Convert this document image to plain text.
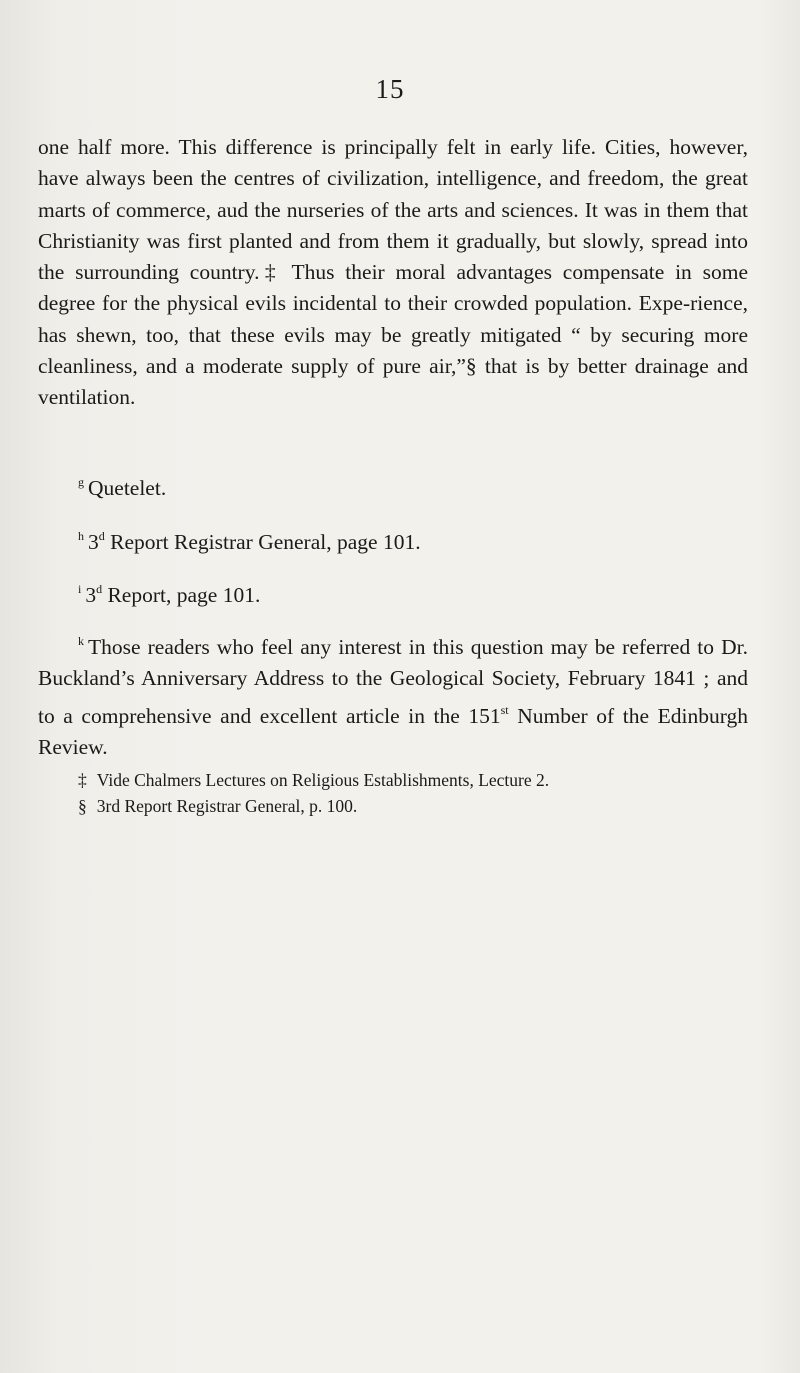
15

one half more. This difference is principally felt in early life. Cities, however, have always been the centres of civilization, intelligence, and freedom, the great marts of commerce, aud the nurseries of the arts and sciences. It was in them that Christianity was first planted and from them it gradually, but slowly, spread into the surrounding country.‡ Thus their moral advantages compensate in some degree for the physical evils incidental to their crowded population. Expe-rience, has shewn, too, that these evils may be greatly mitigated “ by securing more cleanliness, and a moderate supply of pure air,”§ that is by better drainage and ventilation.

$^g$ Quetelet.
$^h$ 3$^d$ Report Registrar General, page 101.
$^i$ 3$^d$ Report, page 101.
$^k$ Those readers who feel any interest in this question may be referred to Dr. Buckland’s Anniversary Address to the Geological Society, February 1841 ; and to a comprehensive and excellent article in the 151st Number of the Edinburgh Review.
‡ Vide Chalmers Lectures on Religious Establishments, Lecture 2.
§ 3rd Report Registrar General, p. 100.
